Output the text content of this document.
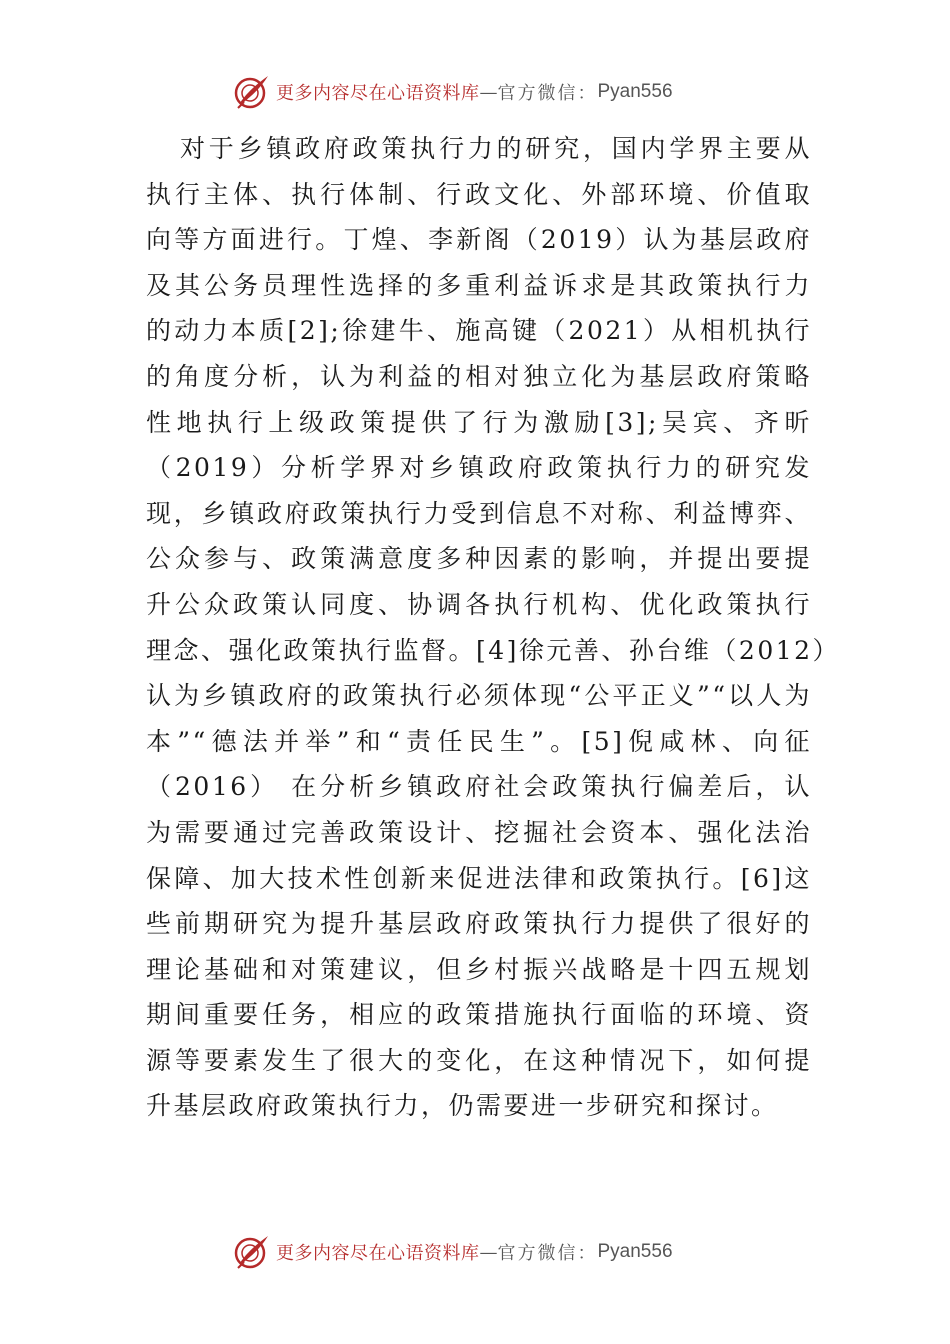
更多内容尽在心语资料库 — 官方微信： Pyan556
对于乡镇政府政策执行力的研究，国内学界主要从
执行主体、执行体制、行政文化、外部环境、价值取
向等方面进行。丁煌、李新阁（2019）认为基层政府
及其公务员理性选择的多重利益诉求是其政策执行力
的动力本质[2];徐建牛、施高键（2021）从相机执行
的角度分析，认为利益的相对独立化为基层政府策略
性地执行上级政策提供了行为激励[3];吴宾、齐昕
（2019）分析学界对乡镇政府政策执行力的研究发
现，乡镇政府政策执行力受到信息不对称、利益博弈、
公众参与、政策满意度多种因素的影响，并提出要提
升公众政策认同度、协调各执行机构、优化政策执行
理念、强化政策执行监督。[4]徐元善、孙台维（2012）
认为乡镇政府的政策执行必须体现“公平正义”“以人为
本”“德法并举”和“责任民生”。[5]倪咸林、向征
（2016） 在分析乡镇政府社会政策执行偏差后，认
为需要通过完善政策设计、挖掘社会资本、强化法治
保障、加大技术性创新来促进法律和政策执行。[6]这
些前期研究为提升基层政府政策执行力提供了很好的
理论基础和对策建议，但乡村振兴战略是十四五规划
期间重要任务，相应的政策措施执行面临的环境、资
源等要素发生了很大的变化，在这种情况下，如何提
升基层政府政策执行力，仍需要进一步研究和探讨。
更多内容尽在心语资料库 — 官方微信： Pyan556
